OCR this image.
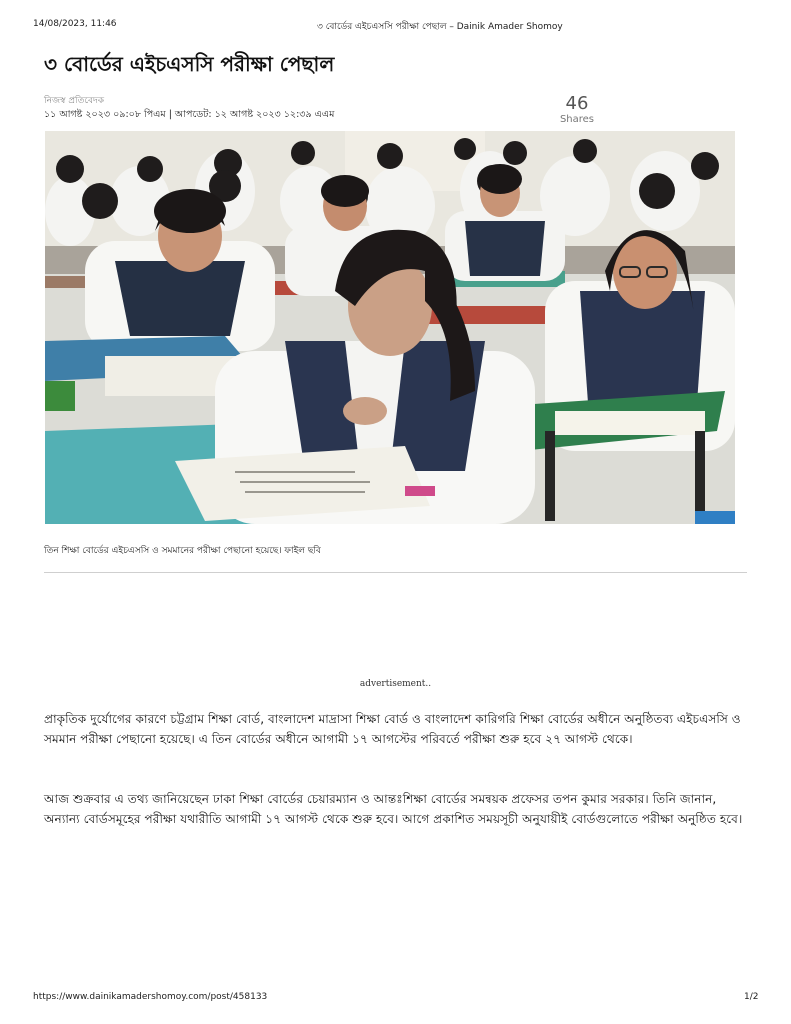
14/08/2023, 11:46	৩ বোর্ডের এইচএসসি পরীক্ষা পেছাল – Dainik Amader Shomoy
৩ বোর্ডের এইচএসসি পরীক্ষা পেছাল
নিজস্ব প্রতিবেদক
১১ আগষ্ট ২০২৩ ০৯:০৮ পিএম | আপডেট: ১২ আগষ্ট ২০২৩ ১২:৩৯ এএম
46
Shares
তিন শিক্ষা বোর্ডের এইচএসসি ও সমমানের পরীক্ষা পেছানো হয়েছে। ফাইল ছবি
advertisement..

প্রাকৃতিক দুর্যোগের কারণে চট্টগ্রাম শিক্ষা বোর্ড, বাংলাদেশ মাদ্রাসা শিক্ষা বোর্ড ও বাংলাদেশ কারিগরি শিক্ষা বোর্ডের অধীনে অনুষ্ঠিতব্য এইচএসসি ও সমমান পরীক্ষা পেছানো হয়েছে। এ তিন বোর্ডের অধীনে আগামী ১৭ আগস্টের পরিবর্তে পরীক্ষা শুরু হবে ২৭ আগস্ট থেকে।

আজ শুক্রবার এ তথ্য জানিয়েছেন ঢাকা শিক্ষা বোর্ডের চেয়ারম্যান ও আন্তঃশিক্ষা বোর্ডের সমন্বয়ক প্রফেসর তপন কুমার সরকার। তিনি জানান, অন্যান্য বোর্ডসমূহের পরীক্ষা যথারীতি আগামী ১৭ আগস্ট থেকে শুরু হবে। আগে প্রকাশিত সময়সূচী অনুযায়ীই বোর্ডগুলোতে পরীক্ষা অনুষ্ঠিত হবে।

https://www.dainikamadershomoy.com/post/458133	1/2
